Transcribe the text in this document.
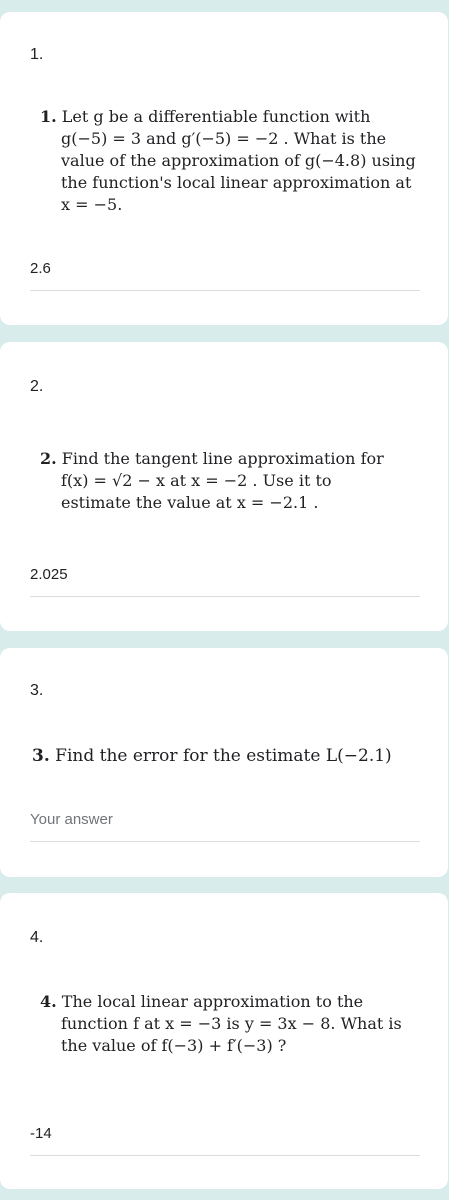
1.
1. Let g be a differentiable function with
g(−5) = 3 and g′(−5) = −2 . What is the
value of the approximation of g(−4.8) using
the function's local linear approximation at
x = −5.
2.6
2.
2. Find the tangent line approximation for
f(x) = √2 − x at x = −2 . Use it to
estimate the value at x = −2.1 .
2.025
3.
3. Find the error for the estimate L(−2.1)
Your answer
4.
4. The local linear approximation to the
function f at x = −3 is y = 3x − 8. What is
the value of f(−3) + f′(−3) ?
-14
